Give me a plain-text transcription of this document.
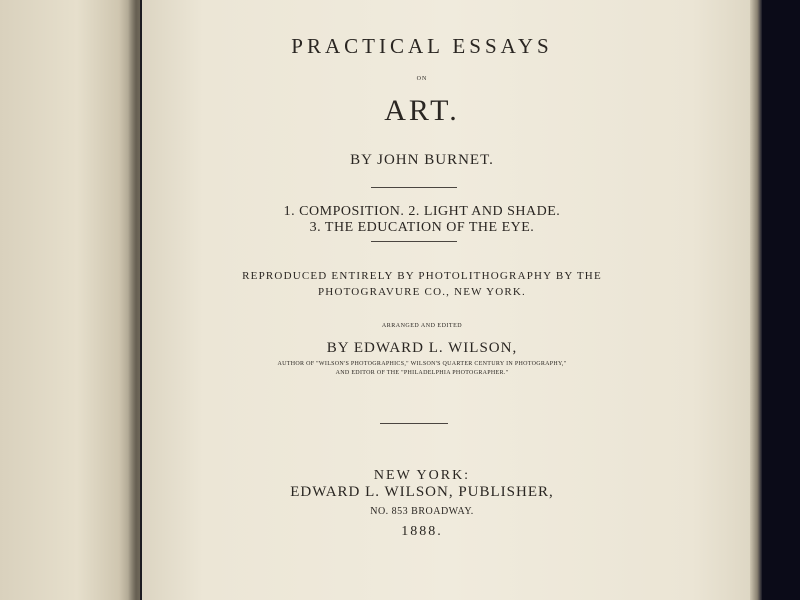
PRACTICAL ESSAYS
ON
ART.
BY JOHN BURNET.
1. COMPOSITION. 2. LIGHT AND SHADE.
3. THE EDUCATION OF THE EYE.
REPRODUCED ENTIRELY BY PHOTOLITHOGRAPHY BY THE
PHOTOGRAVURE CO., NEW YORK.
ARRANGED AND EDITED
BY EDWARD L. WILSON,
AUTHOR OF "WILSON'S PHOTOGRAPHICS," WILSON'S QUARTER CENTURY IN PHOTOGRAPHY,"
AND EDITOR OF THE "PHILADELPHIA PHOTOGRAPHER."
NEW YORK:
EDWARD L. WILSON, PUBLISHER,
NO. 853 BROADWAY.
1888.
